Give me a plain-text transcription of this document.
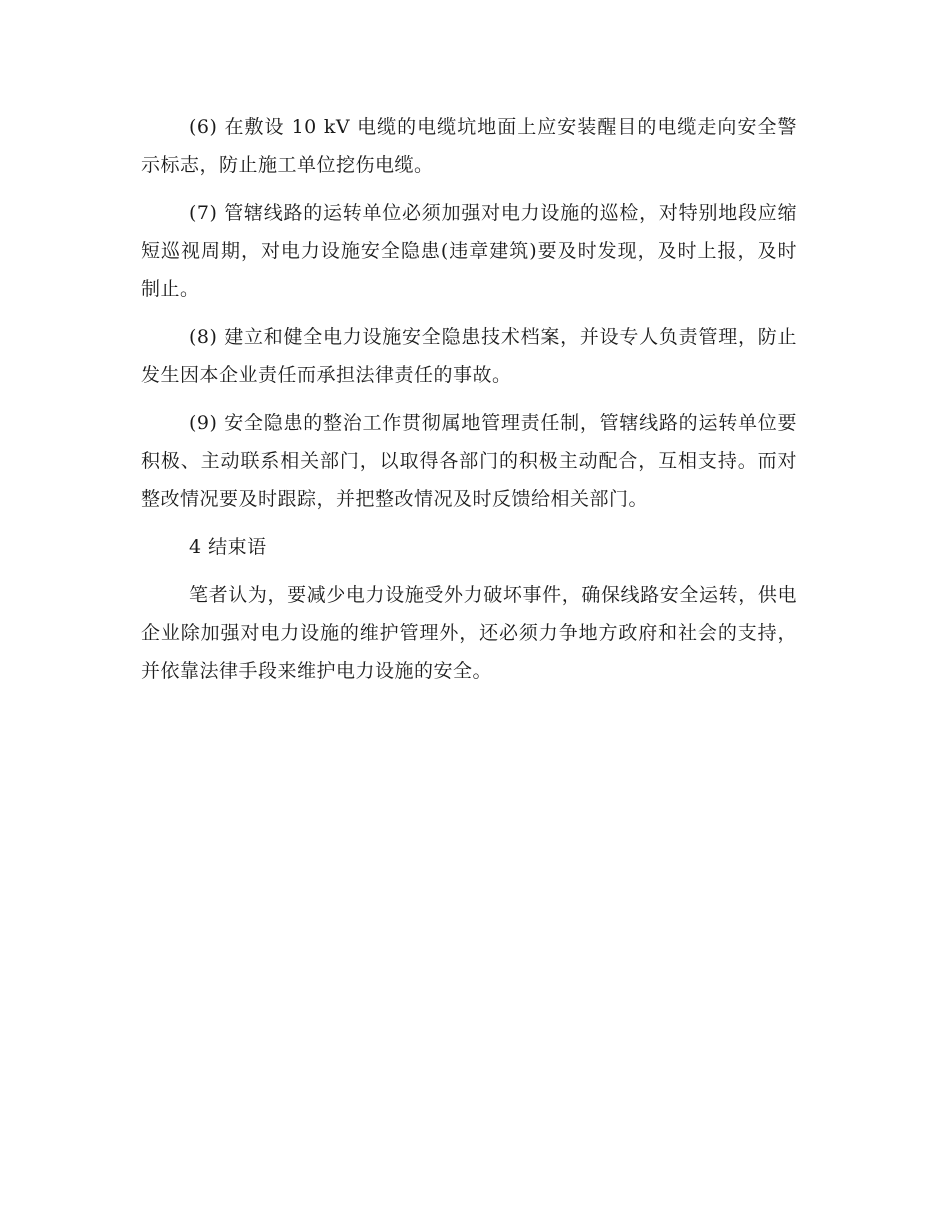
(6) 在敷设 10 kV 电缆的电缆坑地面上应安装醒目的电缆走向安全警示标志，防止施工单位挖伤电缆。

(7) 管辖线路的运转单位必须加强对电力设施的巡检，对特别地段应缩短巡视周期，对电力设施安全隐患(违章建筑)要及时发现，及时上报，及时制止。

(8) 建立和健全电力设施安全隐患技术档案，并设专人负责管理，防止发生因本企业责任而承担法律责任的事故。

(9) 安全隐患的整治工作贯彻属地管理责任制，管辖线路的运转单位要积极、主动联系相关部门，以取得各部门的积极主动配合，互相支持。而对整改情况要及时跟踪，并把整改情况及时反馈给相关部门。

4 结束语

笔者认为，要减少电力设施受外力破坏事件，确保线路安全运转，供电企业除加强对电力设施的维护管理外，还必须力争地方政府和社会的支持，并依靠法律手段来维护电力设施的安全。
